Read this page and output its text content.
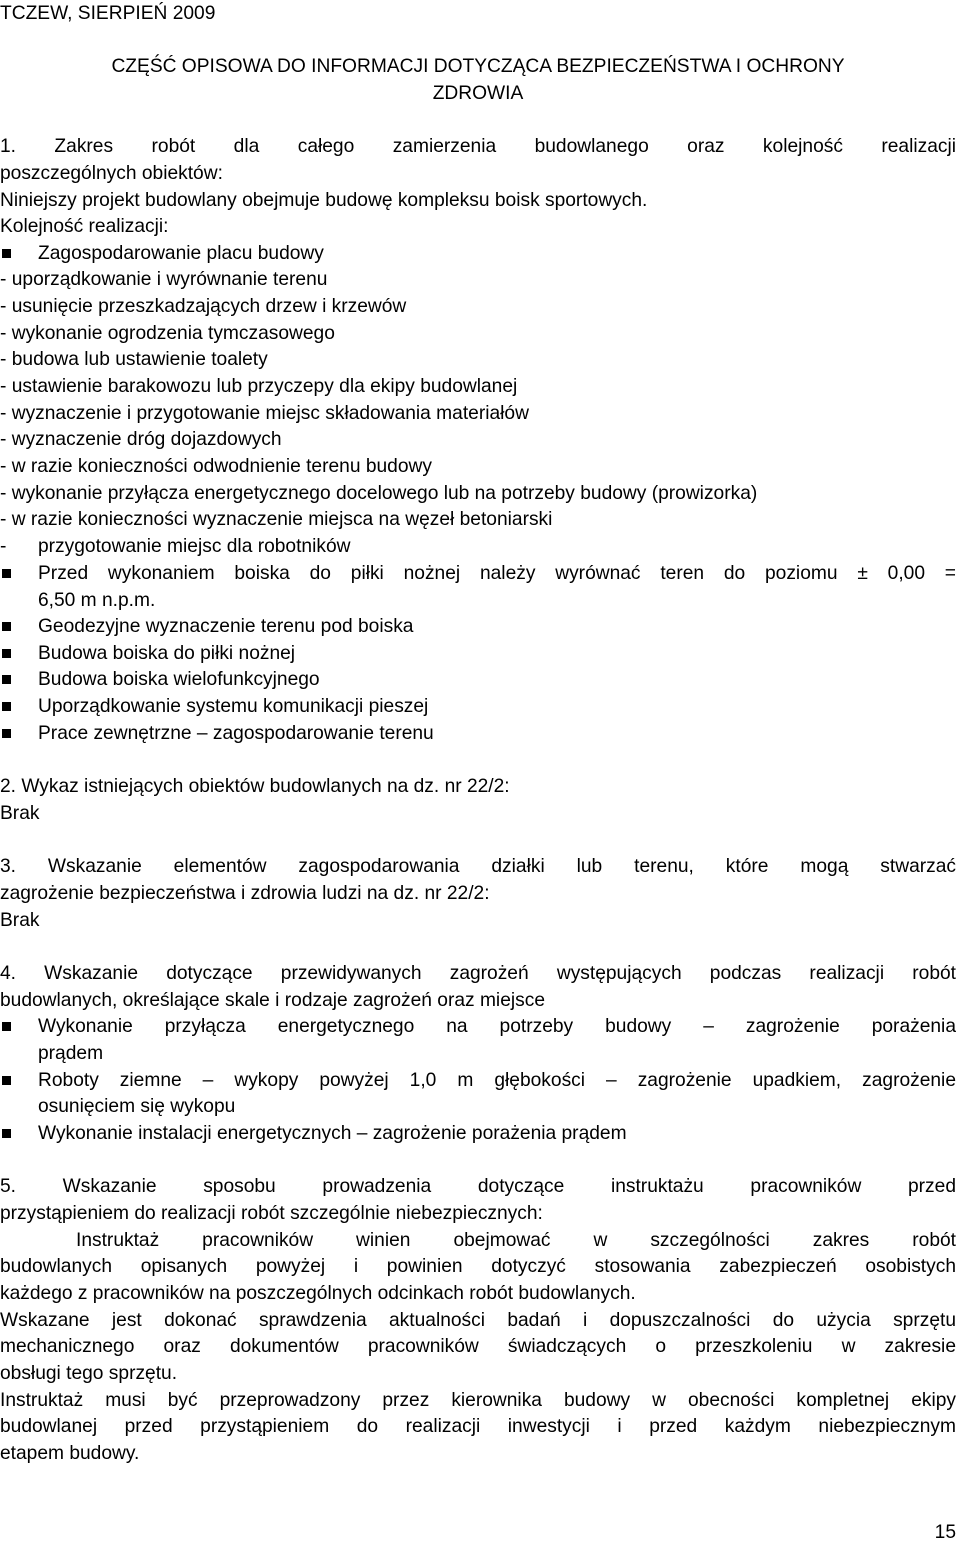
TCZEW, SIERPIEŃ 2009
CZĘŚĆ OPISOWA DO INFORMACJI DOTYCZĄCA BEZPIECZEŃSTWA I OCHRONY
ZDROWIA
1. Zakres robót dla całego zamierzenia budowlanego oraz kolejność realizacji
poszczególnych obiektów:
Niniejszy projekt budowlany obejmuje budowę kompleksu boisk sportowych.
Kolejność realizacji:
Zagospodarowanie placu budowy
- uporządkowanie i wyrównanie terenu
- usunięcie przeszkadzających drzew i krzewów
- wykonanie ogrodzenia tymczasowego
- budowa lub ustawienie toalety
- ustawienie barakowozu lub przyczepy dla ekipy budowlanej
- wyznaczenie i przygotowanie miejsc składowania materiałów
- wyznaczenie dróg dojazdowych
- w razie konieczności odwodnienie terenu budowy
- wykonanie przyłącza energetycznego docelowego lub na potrzeby budowy (prowizorka)
- w razie konieczności wyznaczenie miejsca na węzeł betoniarski
-	przygotowanie miejsc dla robotników
Przed wykonaniem boiska do piłki nożnej należy wyrównać teren do poziomu ± 0,00 =
6,50 m n.p.m.
Geodezyjne wyznaczenie terenu pod boiska
Budowa boiska do piłki nożnej
Budowa boiska wielofunkcyjnego
Uporządkowanie systemu komunikacji pieszej
Prace zewnętrzne – zagospodarowanie terenu
2. Wykaz istniejących obiektów budowlanych na dz. nr 22/2:
Brak
3. Wskazanie elementów zagospodarowania działki lub terenu, które mogą stwarzać
zagrożenie bezpieczeństwa i zdrowia ludzi na dz. nr 22/2:
Brak
4. Wskazanie dotyczące przewidywanych zagrożeń występujących podczas realizacji robót
budowlanych, określające skale i rodzaje zagrożeń oraz miejsce
Wykonanie przyłącza energetycznego na potrzeby budowy – zagrożenie porażenia
prądem
Roboty ziemne – wykopy powyżej 1,0 m głębokości – zagrożenie upadkiem, zagrożenie
osunięciem się wykopu
Wykonanie instalacji energetycznych – zagrożenie porażenia prądem
5. Wskazanie sposobu prowadzenia dotyczące instruktażu pracowników przed
przystąpieniem do realizacji robót szczególnie niebezpiecznych:
Instruktaż pracowników winien obejmować w szczególności zakres robót
budowlanych opisanych powyżej i powinien dotyczyć stosowania zabezpieczeń osobistych
każdego z pracowników na poszczególnych odcinkach robót budowlanych.
Wskazane jest dokonać sprawdzenia aktualności badań i dopuszczalności do użycia sprzętu
mechanicznego oraz dokumentów pracowników świadczących o przeszkoleniu w zakresie
obsługi tego sprzętu.
Instruktaż musi być przeprowadzony przez kierownika budowy w obecności kompletnej ekipy
budowlanej przed przystąpieniem do realizacji inwestycji i przed każdym niebezpiecznym
etapem budowy.
15
